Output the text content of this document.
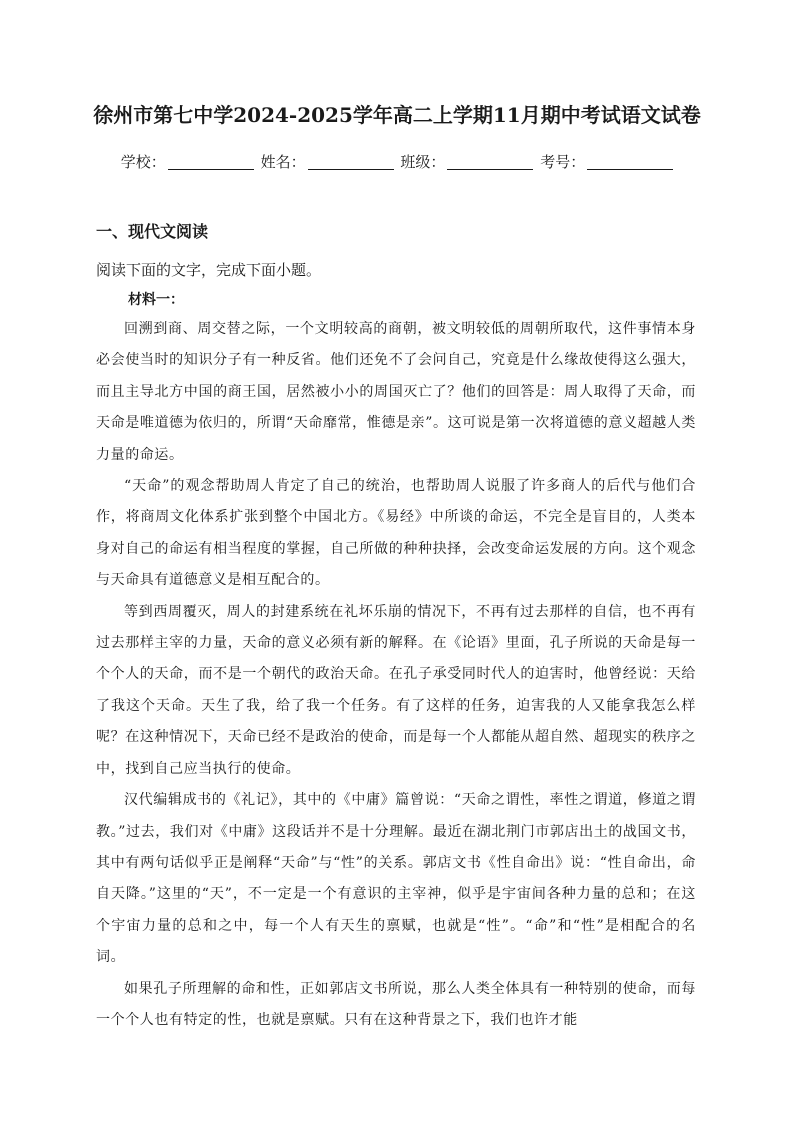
徐州市第七中学2024-2025学年高二上学期11月期中考试语文试卷
学校：	姓名：	班级：	考号：
一、现代文阅读
阅读下面的文字，完成下面小题。
材料一：

回溯到商、周交替之际，一个文明较高的商朝，被文明较低的周朝所取代，这件事情本身必会使当时的知识分子有一种反省。他们还免不了会问自己，究竟是什么缘故使得这么强大，而且主导北方中国的商王国，居然被小小的周国灭亡了？他们的回答是：周人取得了天命，而天命是唯道德为依归的，所谓“天命靡常，惟德是亲”。这可说是第一次将道德的意义超越人类力量的命运。

“天命”的观念帮助周人肯定了自己的统治，也帮助周人说服了许多商人的后代与他们合作，将商周文化体系扩张到整个中国北方。《易经》中所谈的命运，不完全是盲目的，人类本身对自己的命运有相当程度的掌握，自己所做的种种抉择，会改变命运发展的方向。这个观念与天命具有道德意义是相互配合的。

等到西周覆灭，周人的封建系统在礼坏乐崩的情况下，不再有过去那样的自信，也不再有过去那样主宰的力量，天命的意义必须有新的解释。在《论语》里面，孔子所说的天命是每一个个人的天命，而不是一个朝代的政治天命。在孔子承受同时代人的迫害时，他曾经说：天给了我这个天命。天生了我，给了我一个任务。有了这样的任务，迫害我的人又能拿我怎么样呢？在这种情况下，天命已经不是政治的使命，而是每一个人都能从超自然、超现实的秩序之中，找到自己应当执行的使命。

汉代编辑成书的《礼记》，其中的《中庸》篇曾说：“天命之谓性，率性之谓道，修道之谓教。”过去，我们对《中庸》这段话并不是十分理解。最近在湖北荆门市郭店出土的战国文书，其中有两句话似乎正是阐释“天命”与“性”的关系。郭店文书《性自命出》说：“性自命出，命自天降。”这里的“天”，不一定是一个有意识的主宰神，似乎是宇宙间各种力量的总和；在这个宇宙力量的总和之中，每一个人有天生的禀赋，也就是“性”。“命”和“性”是相配合的名词。

如果孔子所理解的命和性，正如郭店文书所说，那么人类全体具有一种特别的使命，而每一个个人也有特定的性，也就是禀赋。只有在这种背景之下，我们也许才能
